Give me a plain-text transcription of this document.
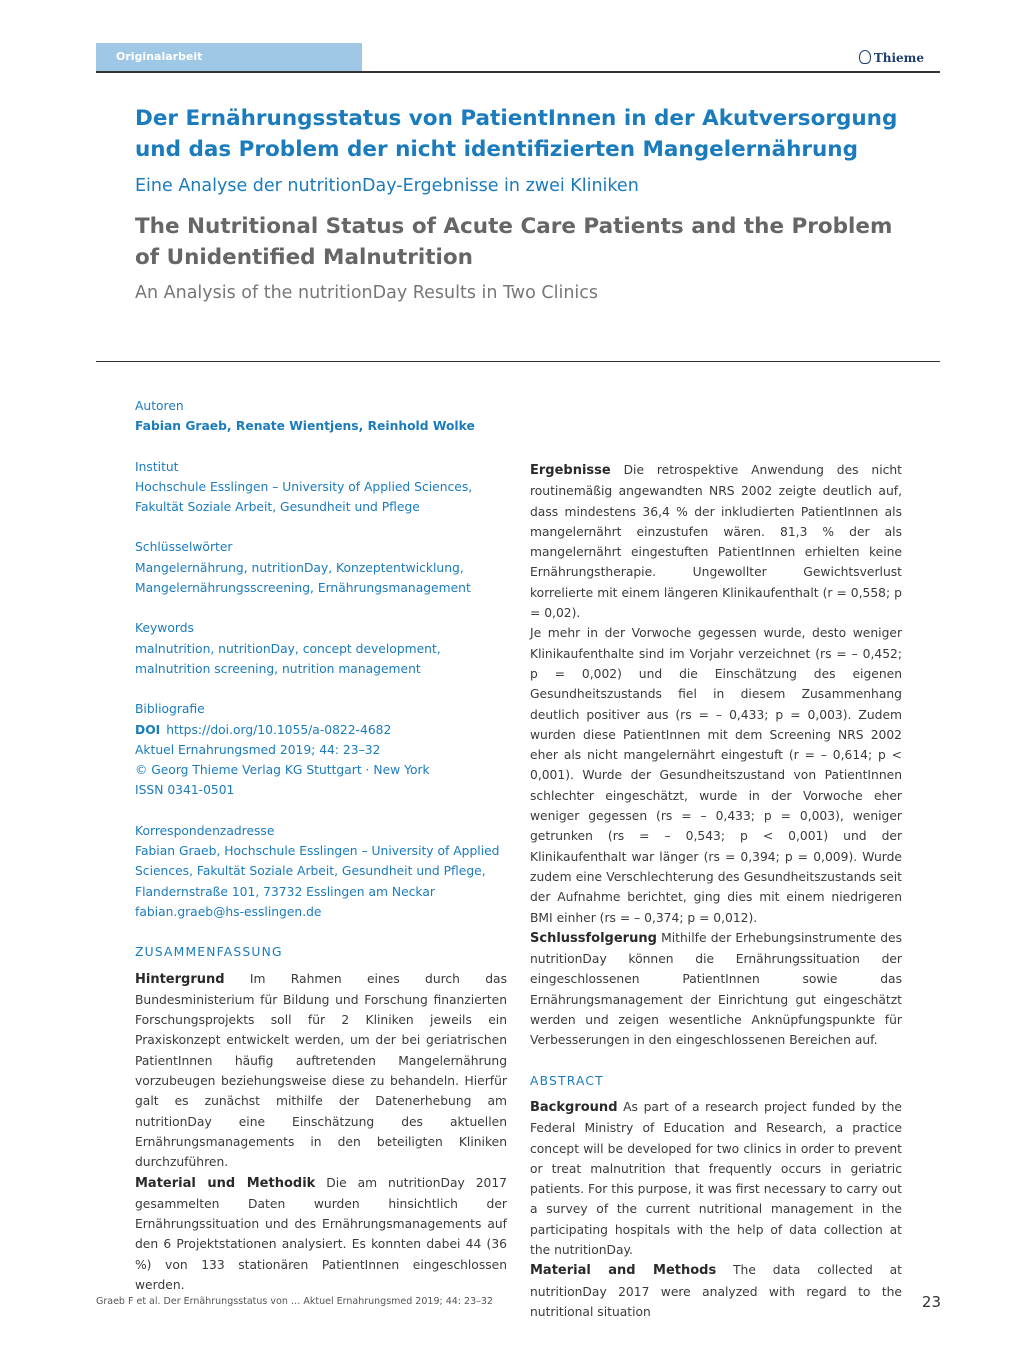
Originalarbeit	Thieme
Der Ernährungsstatus von PatientInnen in der Akutversorgung und das Problem der nicht identifizierten Mangelernährung
Eine Analyse der nutritionDay-Ergebnisse in zwei Kliniken
The Nutritional Status of Acute Care Patients and the Problem of Unidentified Malnutrition
An Analysis of the nutritionDay Results in Two Clinics
Autoren
Fabian Graeb, Renate Wientjens, Reinhold Wolke
Institut
Hochschule Esslingen – University of Applied Sciences, Fakultät Soziale Arbeit, Gesundheit und Pflege
Schlüsselwörter
Mangelernährung, nutritionDay, Konzeptentwicklung, Mangelernährungsscreening, Ernährungsmanagement
Keywords
malnutrition, nutritionDay, concept development, malnutrition screening, nutrition management
Bibliografie
DOI https://doi.org/10.1055/a-0822-4682
Aktuel Ernahrungsmed 2019; 44: 23–32
© Georg Thieme Verlag KG Stuttgart · New York
ISSN 0341-0501
Korrespondenzadresse
Fabian Graeb, Hochschule Esslingen – University of Applied Sciences, Fakultät Soziale Arbeit, Gesundheit und Pflege, Flandernstraße 101, 73732 Esslingen am Neckar
fabian.graeb@hs-esslingen.de
ZUSAMMENFASSUNG

Hintergrund Im Rahmen eines durch das Bundesministerium für Bildung und Forschung finanzierten Forschungsprojekts soll für 2 Kliniken jeweils ein Praxiskonzept entwickelt werden, um der bei geriatrischen PatientInnen häufig auftretenden Mangelernährung vorzubeugen beziehungsweise diese zu behandeln. Hierfür galt es zunächst mithilfe der Datenerhebung am nutritionDay eine Einschätzung des aktuellen Ernährungsmanagements in den beteiligten Kliniken durchzuführen.

Material und Methodik Die am nutritionDay 2017 gesammelten Daten wurden hinsichtlich der Ernährungssituation und des Ernährungsmanagements auf den 6 Projektstationen analysiert. Es konnten dabei 44 (36 %) von 133 stationären PatientInnen eingeschlossen werden.

Ergebnisse Die retrospektive Anwendung des nicht routinemäßig angewandten NRS 2002 zeigte deutlich auf, dass mindestens 36,4 % der inkludierten PatientInnen als mangelernährt einzustufen wären. 81,3 % der als mangelernährt eingestuften PatientInnen erhielten keine Ernährungstherapie. Ungewollter Gewichtsverlust korrelierte mit einem längeren Klinikaufenthalt (r = 0,558; p = 0,02).

Je mehr in der Vorwoche gegessen wurde, desto weniger Klinikaufenthalte sind im Vorjahr verzeichnet (rs = – 0,452; p = 0,002) und die Einschätzung des eigenen Gesundheitszustands fiel in diesem Zusammenhang deutlich positiver aus (rs = – 0,433; p = 0,003). Zudem wurden diese PatientInnen mit dem Screening NRS 2002 eher als nicht mangelernährt eingestuft (r = – 0,614; p < 0,001). Wurde der Gesundheitszustand von PatientInnen schlechter eingeschätzt, wurde in der Vorwoche eher weniger gegessen (rs = – 0,433; p = 0,003), weniger getrunken (rs = – 0,543; p < 0,001) und der Klinikaufenthalt war länger (rs = 0,394; p = 0,009). Wurde zudem eine Verschlechterung des Gesundheitszustands seit der Aufnahme berichtet, ging dies mit einem niedrigeren BMI einher (rs = – 0,374; p = 0,012).

Schlussfolgerung Mithilfe der Erhebungsinstrumente des nutritionDay können die Ernährungssituation der eingeschlossenen PatientInnen sowie das Ernährungsmanagement der Einrichtung gut eingeschätzt werden und zeigen wesentliche Anknüpfungspunkte für Verbesserungen in den eingeschlossenen Bereichen auf.

ABSTRACT

Background As part of a research project funded by the Federal Ministry of Education and Research, a practice concept will be developed for two clinics in order to prevent or treat malnutrition that frequently occurs in geriatric patients. For this purpose, it was first necessary to carry out a survey of the current nutritional management in the participating hospitals with the help of data collection at the nutritionDay.

Material and Methods The data collected at nutritionDay 2017 were analyzed with regard to the nutritional situation

Graeb F et al. Der Ernährungsstatus von … Aktuel Ernahrungsmed 2019; 44: 23–32	23
